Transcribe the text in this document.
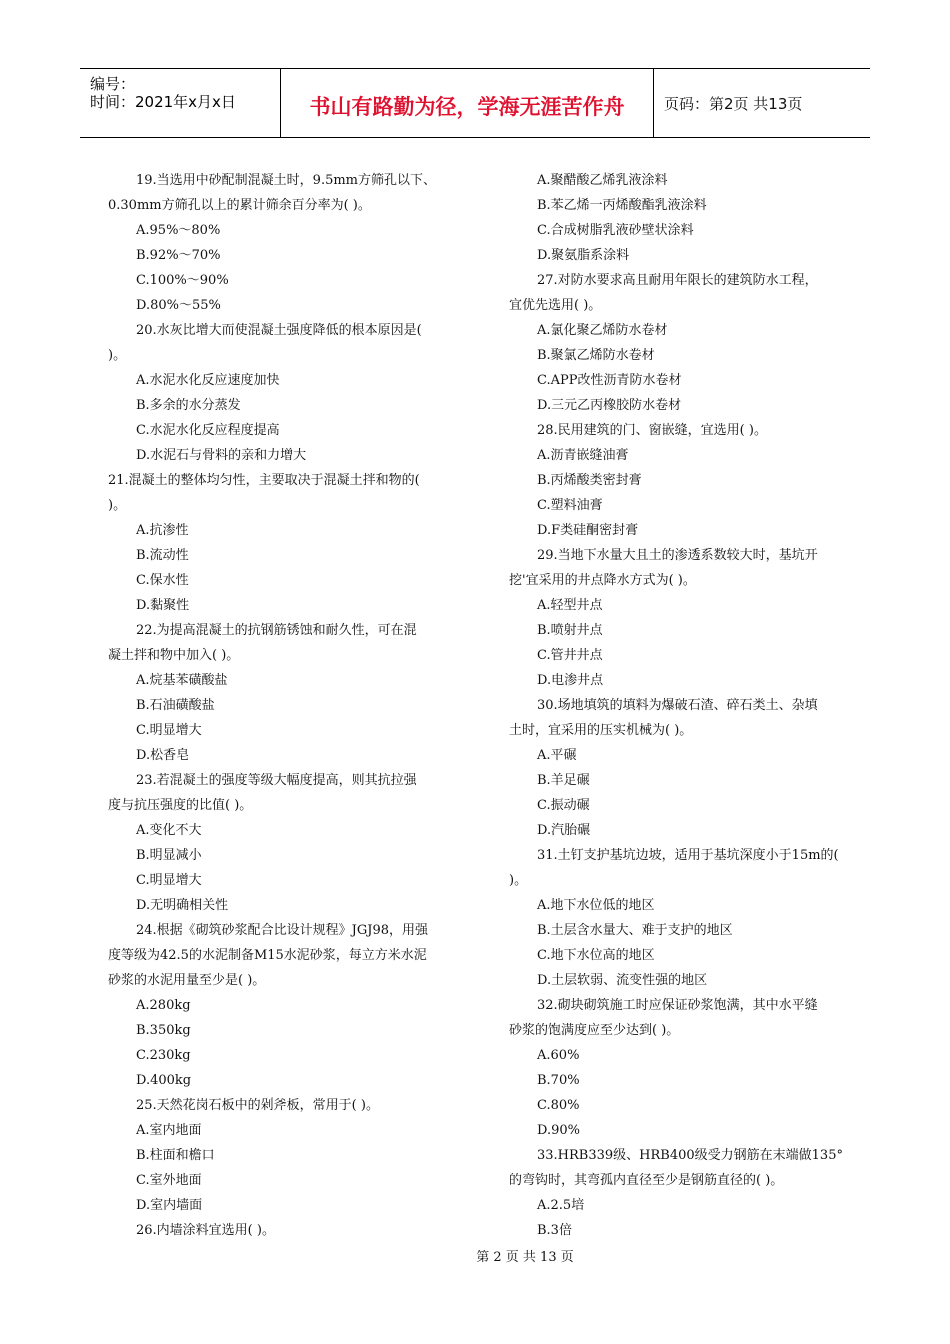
编号：
时间：2021年x月x日	书山有路勤为径，学海无涯苦作舟	页码：第2页 共13页
19.当选用中砂配制混凝土时，9.5mm方筛孔以下、
0.30mm方筛孔以上的累计筛余百分率为( )。
A.95%～80%
B.92%～70%
C.100%～90%
D.80%～55%
20.水灰比增大而使混凝土强度降低的根本原因是(
)。
A.水泥水化反应速度加快
B.多余的水分蒸发
C.水泥水化反应程度提高
D.水泥石与骨料的亲和力增大
21.混凝土的整体均匀性，主要取决于混凝土拌和物的(
)。
A.抗渗性
B.流动性
C.保水性
D.黏聚性
22.为提高混凝土的抗钢筋锈蚀和耐久性，可在混
凝土拌和物中加入( )。
A.烷基苯磺酸盐
B.石油磺酸盐
C.明显增大
D.松香皂
23.若混凝土的强度等级大幅度提高，则其抗拉强
度与抗压强度的比值( )。
A.变化不大
B.明显减小
C.明显增大
D.无明确相关性
24.根据《砌筑砂浆配合比设计规程》JGJ98，用强
度等级为42.5的水泥制备M15水泥砂浆，每立方米水泥
砂浆的水泥用量至少是( )。
A.280kg
B.350kg
C.230kg
D.400kg
25.天然花岗石板中的剁斧板，常用于( )。
A.室内地面
B.柱面和檐口
C.室外地面
D.室内墙面
26.内墙涂料宜选用( )。
A.聚醋酸乙烯乳液涂料
B.苯乙烯一丙烯酸酯乳液涂料
C.合成树脂乳液砂壁状涂料
D.聚氨脂系涂料
27.对防水要求高且耐用年限长的建筑防水工程，
宜优先选用( )。
A.氯化聚乙烯防水卷材
B.聚氯乙烯防水卷材
C.APP改性沥青防水卷材
D.三元乙丙橡胶防水卷材
28.民用建筑的门、窗嵌缝，宜选用( )。
A.沥青嵌缝油膏
B.丙烯酸类密封膏
C.塑料油膏
D.F类硅酮密封膏
29.当地下水量大且土的渗透系数较大时，基坑开
挖'宜采用的井点降水方式为( )。
A.轻型井点
B.喷射井点
C.管井井点
D.电渗井点
30.场地填筑的填料为爆破石渣、碎石类土、杂填
土时，宜采用的压实机械为( )。
A.平碾
B.羊足碾
C.振动碾
D.汽胎碾
31.土钉支护基坑边坡，适用于基坑深度小于15m的(
)。
A.地下水位低的地区
B.土层含水量大、难于支护的地区
C.地下水位高的地区
D.土层软弱、流变性强的地区
32.砌块砌筑施工时应保证砂浆饱满，其中水平缝
砂浆的饱满度应至少达到( )。
A.60%
B.70%
C.80%
D.90%
33.HRB339级、HRB400级受力钢筋在末端做135°
的弯钩时，其弯孤内直径至少是钢筋直径的( )。
A.2.5培
B.3倍
第 2 页 共 13 页
